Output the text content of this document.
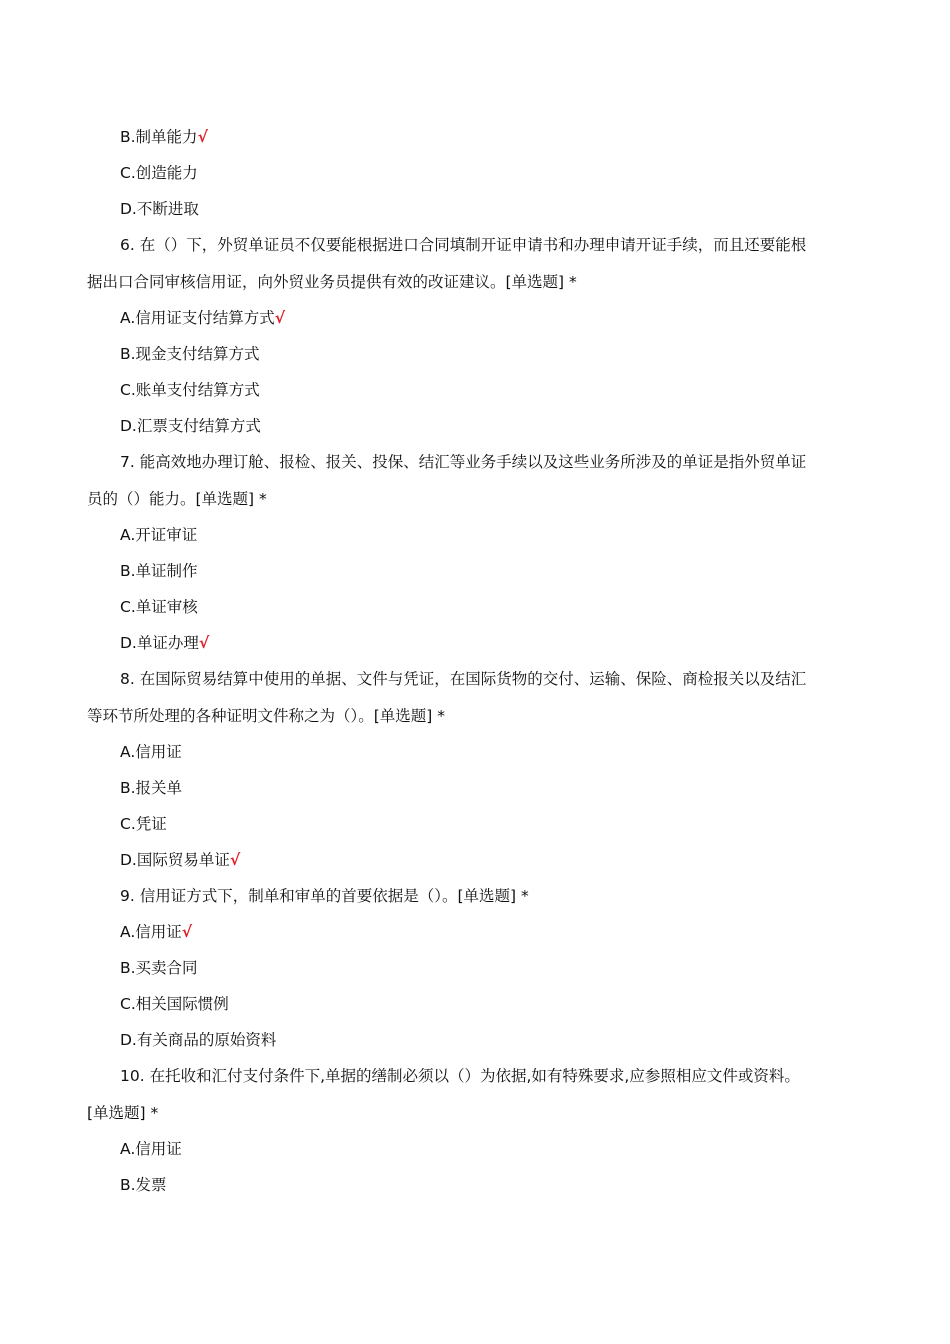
B.制单能力√
C.创造能力
D.不断进取
6. 在（）下，外贸单证员不仅要能根据进口合同填制开证申请书和办理申请开证手续，而且还要能根
据出口合同审核信用证，向外贸业务员提供有效的改证建议。[单选题] *
A.信用证支付结算方式√
B.现金支付结算方式
C.账单支付结算方式
D.汇票支付结算方式
7. 能高效地办理订舱、报检、报关、投保、结汇等业务手续以及这些业务所涉及的单证是指外贸单证
员的（）能力。[单选题] *
A.开证审证
B.单证制作
C.单证审核
D.单证办理√
8. 在国际贸易结算中使用的单据、文件与凭证，在国际货物的交付、运输、保险、商检报关以及结汇
等环节所处理的各种证明文件称之为（）。[单选题] *
A.信用证
B.报关单
C.凭证
D.国际贸易单证√
9. 信用证方式下，制单和审单的首要依据是（）。[单选题] *
A.信用证√
B.买卖合同
C.相关国际惯例
D.有关商品的原始资料
10. 在托收和汇付支付条件下,单据的缮制必须以（）为依据,如有特殊要求,应参照相应文件或资料。
[单选题] *
A.信用证
B.发票
